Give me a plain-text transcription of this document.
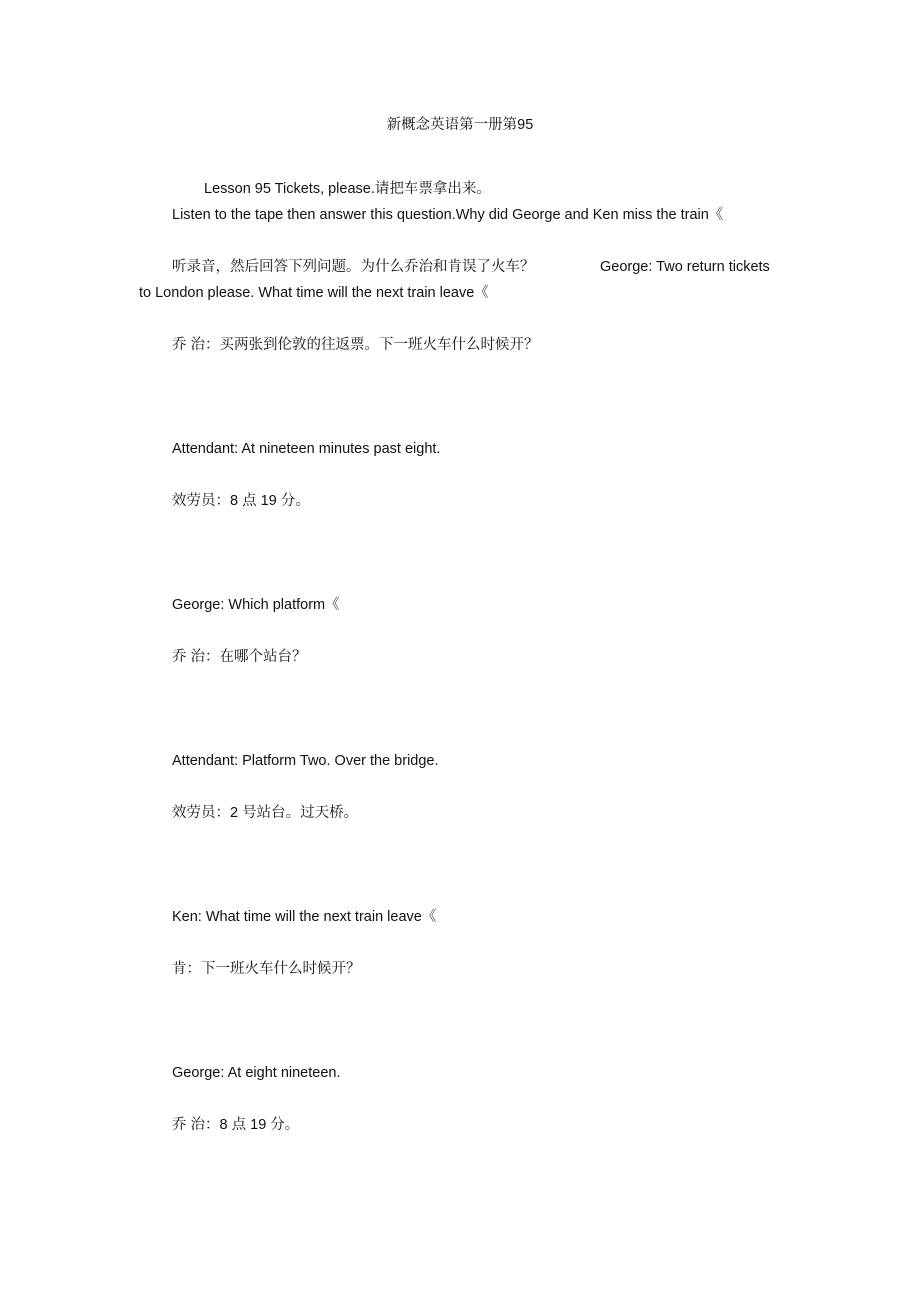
新概念英语第一册第95
Lesson 95 Tickets, please.请把车票拿出来。
Listen to the tape then answer this question.Why did George and Ken miss the train《
听录音，然后回答下列问题。为什么乔治和肯误了火车？	George: Two return tickets
to London please. What time will the next train leave《
乔 治：买两张到伦敦的往返票。下一班火车什么时候开？
Attendant: At nineteen minutes past eight.
效劳员：8 点 19 分。
George: Which platform《
乔 治：在哪个站台？
Attendant: Platform Two. Over the bridge.
效劳员：2 号站台。过天桥。
Ken: What time will the next train leave《
肯：下一班火车什么时候开？
George: At eight nineteen.
乔 治：8 点 19 分。
